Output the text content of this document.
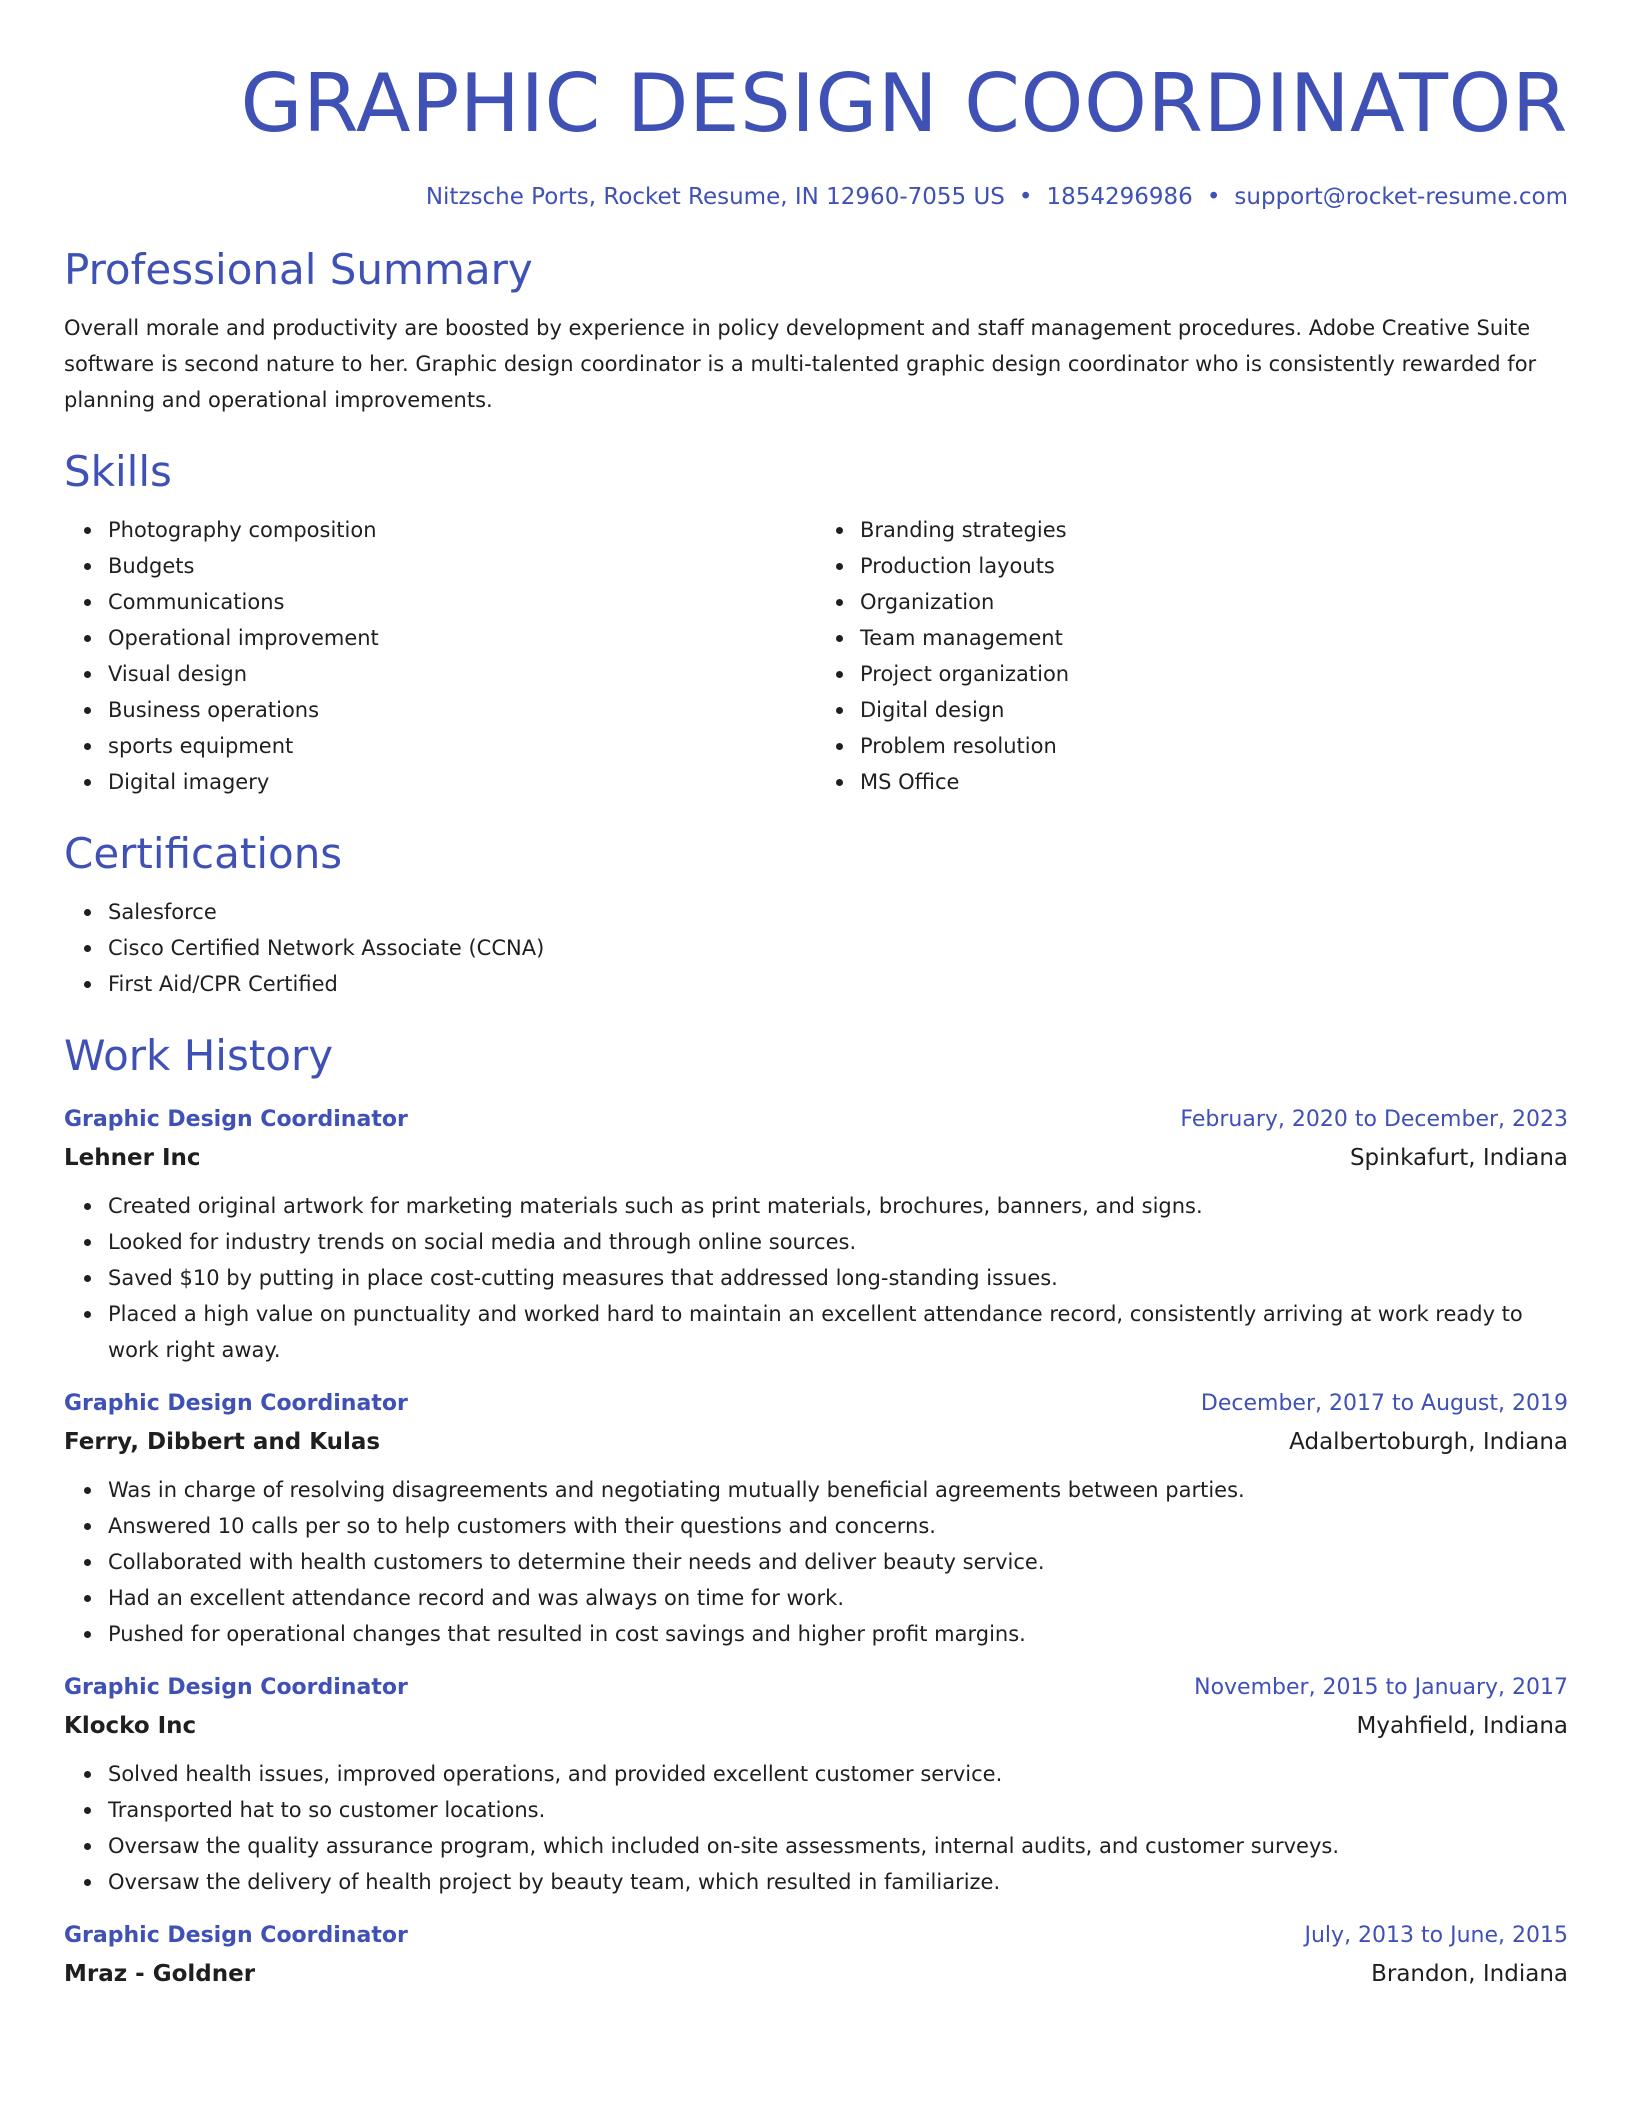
GRAPHIC DESIGN COORDINATOR
Nitzsche Ports, Rocket Resume, IN 12960-7055 US • 1854296986 • support@rocket-resume.com
Professional Summary

Overall morale and productivity are boosted by experience in policy development and staff management procedures. Adobe Creative Suite software is second nature to her. Graphic design coordinator is a multi-talented graphic design coordinator who is consistently rewarded for planning and operational improvements.

Skills
Photography composition
Budgets
Communications
Operational improvement
Visual design
Business operations
sports equipment
Digital imagery
Branding strategies
Production layouts
Organization
Team management
Project organization
Digital design
Problem resolution
MS Office
Certifications
Salesforce
Cisco Certified Network Associate (CCNA)
First Aid/CPR Certified
Work History
Graphic Design Coordinator	February, 2020 to December, 2023
Lehner Inc	Spinkafurt, Indiana
Created original artwork for marketing materials such as print materials, brochures, banners, and signs.
Looked for industry trends on social media and through online sources.
Saved $10 by putting in place cost-cutting measures that addressed long-standing issues.
Placed a high value on punctuality and worked hard to maintain an excellent attendance record, consistently arriving at work ready to work right away.
Graphic Design Coordinator	December, 2017 to August, 2019
Ferry, Dibbert and Kulas	Adalbertoburgh, Indiana
Was in charge of resolving disagreements and negotiating mutually beneficial agreements between parties.
Answered 10 calls per so to help customers with their questions and concerns.
Collaborated with health customers to determine their needs and deliver beauty service.
Had an excellent attendance record and was always on time for work.
Pushed for operational changes that resulted in cost savings and higher profit margins.
Graphic Design Coordinator	November, 2015 to January, 2017
Klocko Inc	Myahfield, Indiana
Solved health issues, improved operations, and provided excellent customer service.
Transported hat to so customer locations.
Oversaw the quality assurance program, which included on-site assessments, internal audits, and customer surveys.
Oversaw the delivery of health project by beauty team, which resulted in familiarize.
Graphic Design Coordinator	July, 2013 to June, 2015
Mraz - Goldner	Brandon, Indiana
